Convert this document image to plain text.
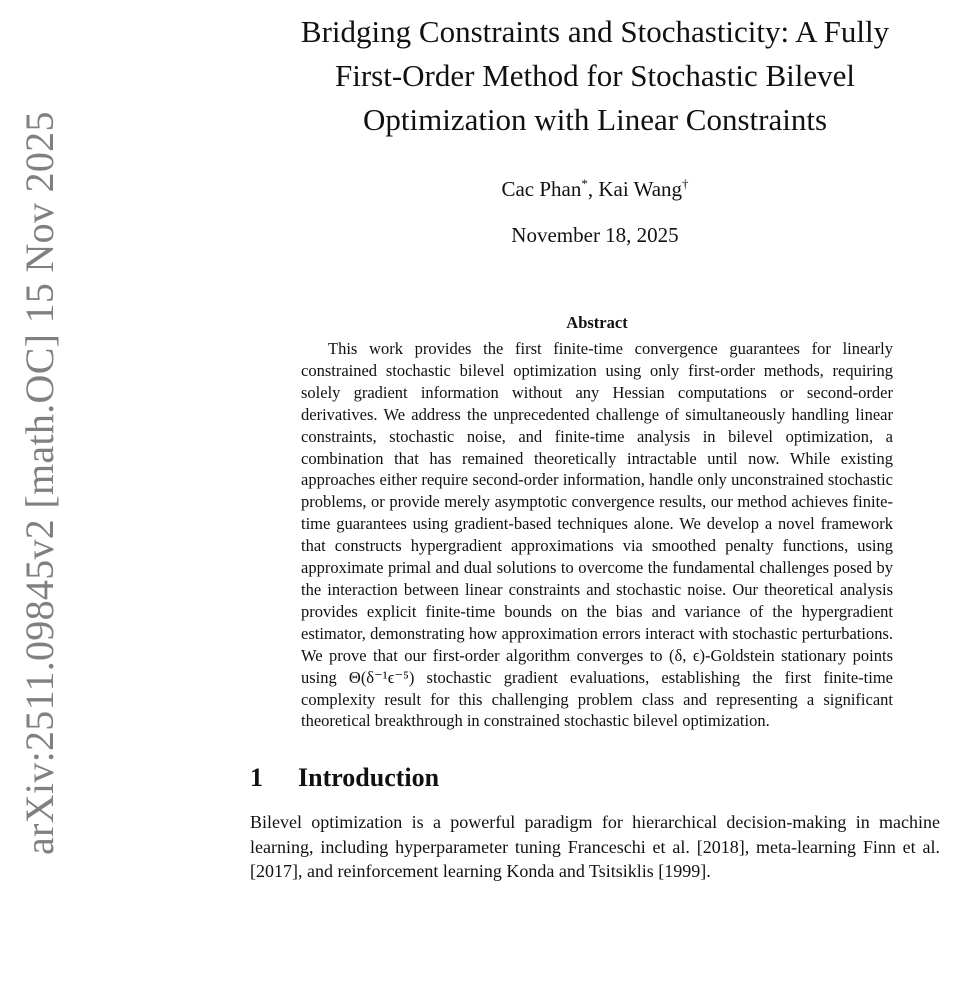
arXiv:2511.09845v2 [math.OC] 15 Nov 2025
Bridging Constraints and Stochasticity: A Fully
First-Order Method for Stochastic Bilevel
Optimization with Linear Constraints
Cac Phan*, Kai Wang†
November 18, 2025
Abstract

This work provides the first finite-time convergence guarantees for linearly constrained stochastic bilevel optimization using only first-order methods, requiring solely gradient information without any Hessian computations or second-order derivatives. We address the unprecedented challenge of simultaneously handling linear constraints, stochastic noise, and finite-time analysis in bilevel optimization, a combination that has remained theoretically intractable until now. While existing approaches either require second-order information, handle only unconstrained stochastic problems, or provide merely asymptotic convergence results, our method achieves finite-time guarantees using gradient-based techniques alone. We develop a novel framework that constructs hypergradient approximations via smoothed penalty functions, using approximate primal and dual solutions to overcome the fundamental challenges posed by the interaction between linear constraints and stochastic noise. Our theoretical analysis provides explicit finite-time bounds on the bias and variance of the hypergradient estimator, demonstrating how approximation errors interact with stochastic perturbations. We prove that our first-order algorithm converges to (δ, ϵ)-Goldstein stationary points using Θ(δ⁻¹ϵ⁻⁵) stochastic gradient evaluations, establishing the first finite-time complexity result for this challenging problem class and representing a significant theoretical breakthrough in constrained stochastic bilevel optimization.

1	Introduction

Bilevel optimization is a powerful paradigm for hierarchical decision-making in machine learning, including hyperparameter tuning Franceschi et al. [2018], meta-learning Finn et al. [2017], and reinforcement learning Konda and Tsitsiklis [1999].
